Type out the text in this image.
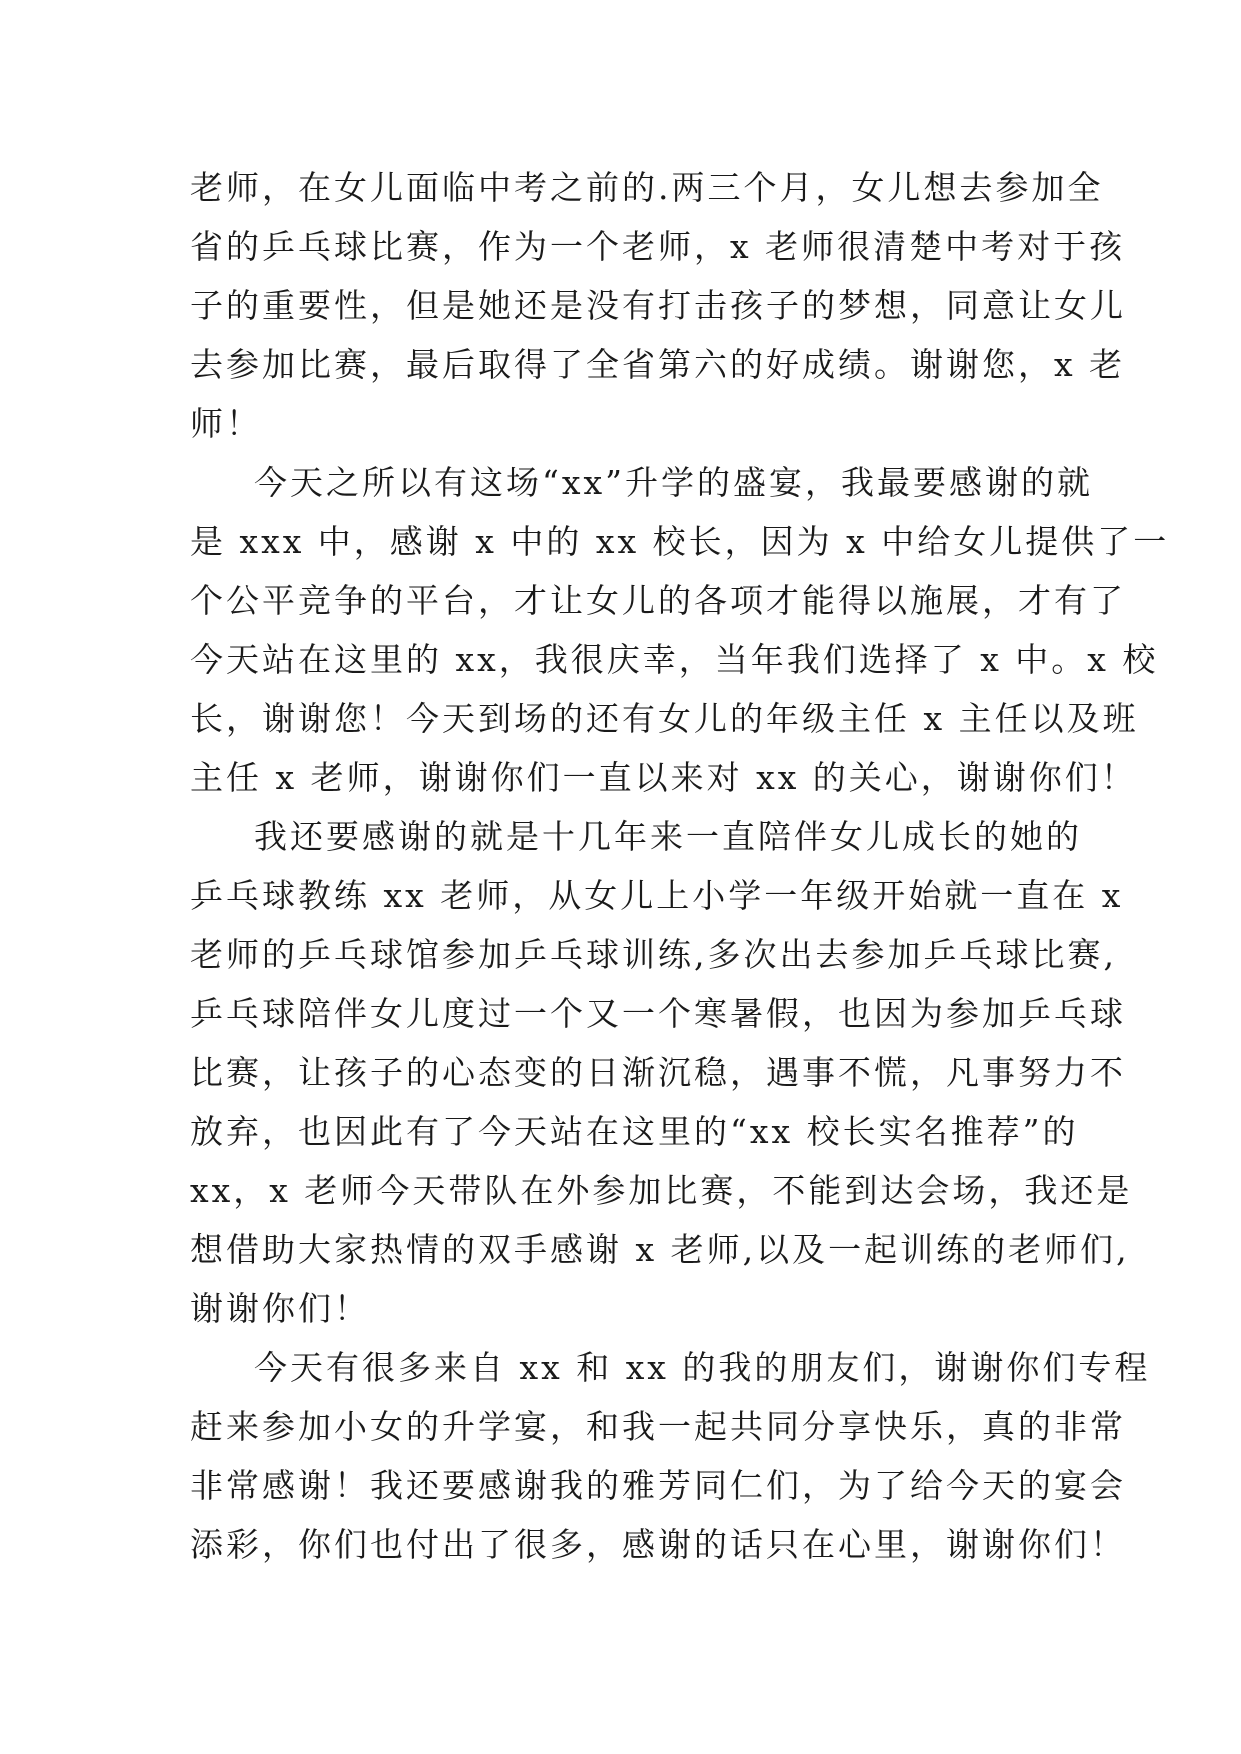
老师，在女儿面临中考之前的.两三个月，女儿想去参加全
省的乒乓球比赛，作为一个老师，x 老师很清楚中考对于孩
子的重要性，但是她还是没有打击孩子的梦想，同意让女儿
去参加比赛，最后取得了全省第六的好成绩。谢谢您，x 老
师！
今天之所以有这场“xx”升学的盛宴，我最要感谢的就
是 xxx 中，感谢 x 中的 xx 校长，因为 x 中给女儿提供了一
个公平竞争的平台，才让女儿的各项才能得以施展，才有了
今天站在这里的 xx，我很庆幸，当年我们选择了 x 中。x 校
长，谢谢您！今天到场的还有女儿的年级主任 x 主任以及班
主任 x 老师，谢谢你们一直以来对 xx 的关心，谢谢你们！
我还要感谢的就是十几年来一直陪伴女儿成长的她的
乒乓球教练 xx 老师，从女儿上小学一年级开始就一直在 x
老师的乒乓球馆参加乒乓球训练,多次出去参加乒乓球比赛,
乒乓球陪伴女儿度过一个又一个寒暑假，也因为参加乒乓球
比赛，让孩子的心态变的日渐沉稳，遇事不慌，凡事努力不
放弃，也因此有了今天站在这里的“xx 校长实名推荐”的
xx，x 老师今天带队在外参加比赛，不能到达会场，我还是
想借助大家热情的双手感谢 x 老师,以及一起训练的老师们,
谢谢你们！
今天有很多来自 xx 和 xx 的我的朋友们，谢谢你们专程
赶来参加小女的升学宴，和我一起共同分享快乐，真的非常
非常感谢！我还要感谢我的雅芳同仁们，为了给今天的宴会
添彩，你们也付出了很多，感谢的话只在心里，谢谢你们！
